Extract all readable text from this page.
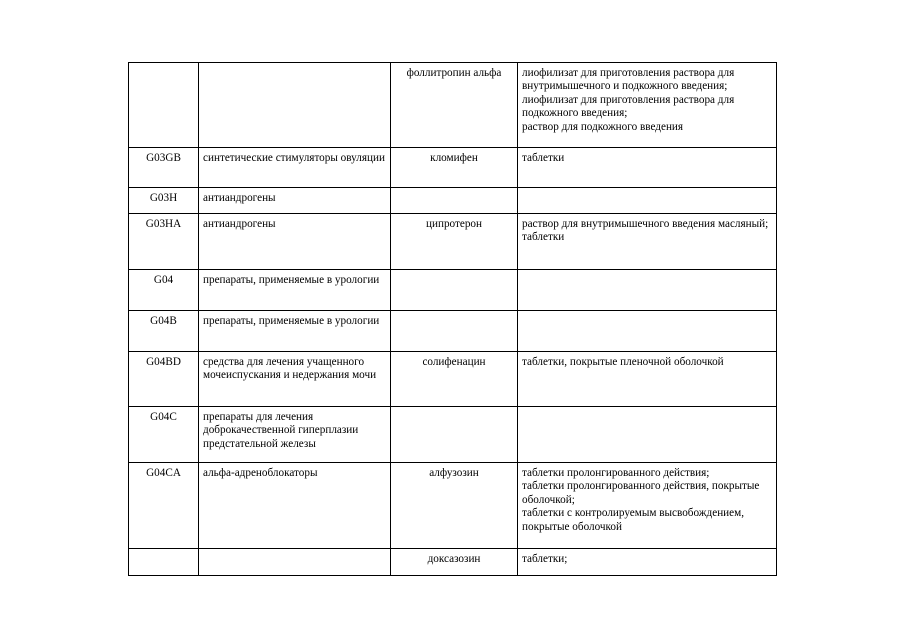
		фоллитропин альфа	лиофилизат для приготовления раствора для внутримышечного и подкожного введения;
лиофилизат для приготовления раствора для подкожного введения;
раствор для подкожного введения

G03GB	синтетические стимуляторы овуляции	кломифен	таблетки

G03H	антиандрогены		
G03HA	антиандрогены	ципротерон	раствор для внутримышечного введения масляный;
таблетки

G04	препараты, применяемые в урологии		
G04B	препараты, применяемые в урологии		
G04BD	средства для лечения учащенного мочеиспускания и недержания мочи	солифенацин	таблетки, покрытые пленочной оболочкой

G04C	препараты для лечения доброкачественной гиперплазии предстательной железы		
G04CA	альфа-адреноблокаторы	алфузозин	таблетки пролонгированного действия;
таблетки пролонгированного действия, покрытые оболочкой;
таблетки с контролируемым высвобождением, покрытые оболочкой

		доксазозин	таблетки;
